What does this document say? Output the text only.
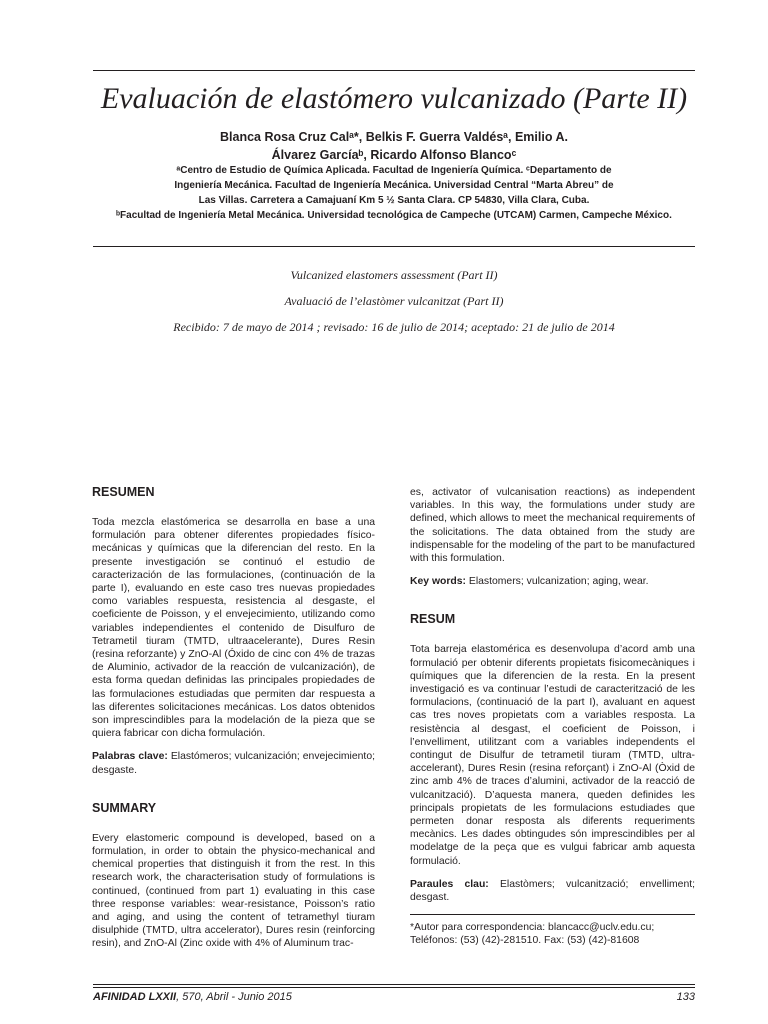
Evaluación de elastómero vulcanizado (Parte II)
Blanca Rosa Cruz Calᵃ*, Belkis F. Guerra Valdésᵃ, Emilio A.
Álvarez Garcíaᵇ, Ricardo Alfonso Blancoᶜ
ᵃCentro de Estudio de Química Aplicada. Facultad de Ingeniería Química. ᶜDepartamento de
Ingeniería Mecánica. Facultad de Ingeniería Mecánica. Universidad Central “Marta Abreu” de
Las Villas. Carretera a Camajuaní Km 5 ½ Santa Clara. CP 54830, Villa Clara, Cuba.
ᵇFacultad de Ingeniería Metal Mecánica. Universidad tecnológica de Campeche (UTCAM) Carmen, Campeche México.
Vulcanized elastomers assessment (Part II)
Avaluació de l’elastòmer vulcanitzat (Part II)
Recibido: 7 de mayo de 2014 ; revisado: 16 de julio de 2014; aceptado: 21 de julio de 2014
RESUMEN

Toda mezcla elastómerica se desarrolla en base a una formulación para obtener diferentes propiedades físico-mecánicas y químicas que la diferencian del resto. En la presente investigación se continuó el estudio de caracterización de las formulaciones, (continuación de la parte I), evaluando en este caso tres nuevas propiedades como variables respuesta, resistencia al desgaste, el coeficiente de Poisson, y el envejecimiento, utilizando como variables independientes el contenido de Disulfuro de Tetrametil tiuram (TMTD, ultraacelerante), Dures Resin (resina reforzante) y ZnO-Al (Óxido de cinc con 4% de trazas de Aluminio, activador de la reacción de vulcanización), de esta forma quedan definidas las principales propiedades de las formulaciones estudiadas que permiten dar respuesta a las diferentes solicitaciones mecánicas. Los datos obtenidos son imprescindibles para la modelación de la pieza que se quiera fabricar con dicha formulación.

Palabras clave: Elastómeros; vulcanización; envejecimiento; desgaste.

SUMMARY

Every elastomeric compound is developed, based on a formulation, in order to obtain the physico-mechanical and chemical properties that distinguish it from the rest. In this research work, the characterisation study of formulations is continued, (continued from part 1) evaluating in this case three response variables: wear-resistance, Poisson’s ratio and aging, and using the content of tetramethyl tiuram disulphide (TMTD, ultra accelerator), Dures resin (reinforcing resin), and ZnO-Al (Zinc oxide with 4% of Aluminum trac-

es, activator of vulcanisation reactions) as independent variables. In this way, the formulations under study are defined, which allows to meet the mechanical requirements of the solicitations. The data obtained from the study are indispensable for the modeling of the part to be manufactured with this formulation.

Key words: Elastomers; vulcanization; aging, wear.

RESUM

Tota barreja elastomérica es desenvolupa d’acord amb una formulació per obtenir diferents propietats fisicomecàniques i químiques que la diferencien de la resta. En la present investigació es va continuar l’estudi de caracterització de les formulacions, (continuació de la part I), avaluant en aquest cas tres noves propietats com a variables resposta. La resistència al desgast, el coeficient de Poisson, i l’envelliment, utilitzant com a variables independents el contingut de Disulfur de tetrametil tiuram (TMTD, ultra-accelerant), Dures Resin (resina reforçant) i ZnO-Al (Òxid de zinc amb 4% de traces d’alumini, activador de la reacció de vulcanització). D’aquesta manera, queden definides les principals propietats de les formulacions estudiades que permeten donar resposta als diferents requeriments mecànics. Les dades obtingudes són imprescindibles per al modelatge de la peça que es vulgui fabricar amb aquesta formulació.

Paraules clau: Elastòmers; vulcanització; envelliment; desgast.

*Autor para correspondencia: blancacc@uclv.edu.cu; Teléfonos: (53) (42)-281510. Fax: (53) (42)-81608

AFINIDAD LXXII, 570, Abril - Junio 2015	133
